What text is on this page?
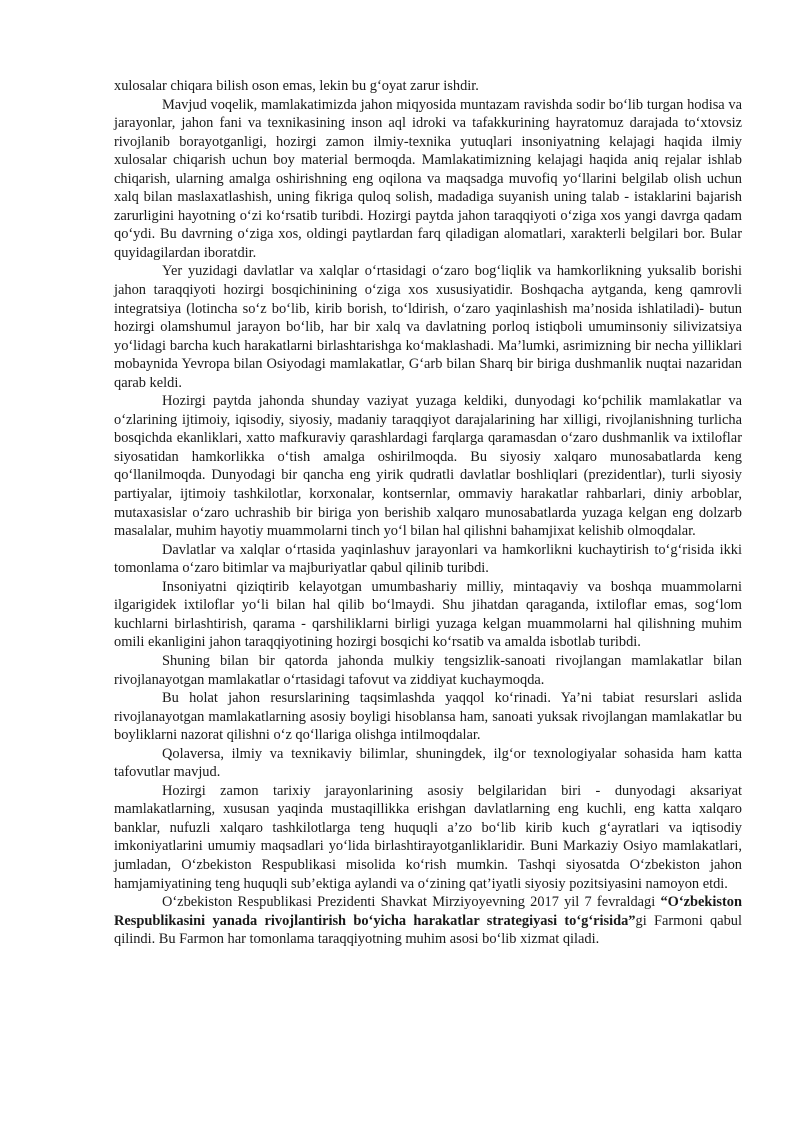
xulosalar chiqara bilish oson emas, lekin bu g‘oyat zarur ishdir.

Mavjud voqelik, mamlakatimizda jahon miqyosida muntazam ravishda sodir bo‘lib turgan hodisa va jarayonlar, jahon fani va texnikasining inson aql idroki va tafakkurining hayratomuz darajada to‘xtovsiz rivojlanib borayotganligi, hozirgi zamon ilmiy-texnika yutuqlari insoniyatning kelajagi haqida ilmiy xulosalar chiqarish uchun boy material bermoqda. Mamlakatimizning kelajagi haqida aniq rejalar ishlab chiqarish, ularning amalga oshirishning eng oqilona va maqsadga muvofiq yo‘llarini belgilab olish uchun xalq bilan maslaxatlashish, uning fikriga quloq solish, madadiga suyanish uning talab - istaklarini bajarish zarurligini hayotning o‘zi ko‘rsatib turibdi. Hozirgi paytda jahon taraqqiyoti o‘ziga xos yangi davrga qadam qo‘ydi. Bu davrning o‘ziga xos, oldingi paytlardan farq qiladigan alomatlari, xarakterli belgilari bor. Bular quyidagilardan iboratdir.

Yer yuzidagi davlatlar va xalqlar o‘rtasidagi o‘zaro bog‘liqlik va hamkorlikning yuksalib borishi jahon taraqqiyoti hozirgi bosqichinining o‘ziga xos xususiyatidir. Boshqacha aytganda, keng qamrovli integratsiya (lotincha so‘z bo‘lib, kirib borish, to‘ldirish, o‘zaro yaqinlashish ma’nosida ishlatiladi)- butun hozirgi olamshumul jarayon bo‘lib, har bir xalq va davlatning porloq istiqboli umuminsoniy silivizatsiya yo‘lidagi barcha kuch harakatlarni birlashtarishga ko‘maklashadi. Ma’lumki, asrimizning bir necha yilliklari mobaynida Yevropa bilan Osiyodagi mamlakatlar, G‘arb bilan Sharq bir biriga dushmanlik nuqtai nazaridan qarab keldi.

Hozirgi paytda jahonda shunday vaziyat yuzaga keldiki, dunyodagi ko‘pchilik mamlakatlar va o‘zlarining ijtimoiy, iqisodiy, siyosiy, madaniy taraqqiyot darajalarining har xilligi, rivojlanishning turlicha bosqichda ekanliklari, xatto mafkuraviy qarashlardagi farqlarga qaramasdan o‘zaro dushmanlik va ixtiloflar siyosatidan hamkorlikka o‘tish amalga oshirilmoqda. Bu siyosiy xalqaro munosabatlarda keng qo‘llanilmoqda. Dunyodagi bir qancha eng yirik qudratli davlatlar boshliqlari (prezidentlar), turli siyosiy partiyalar, ijtimoiy tashkilotlar, korxonalar, kontsernlar, ommaviy harakatlar rahbarlari, diniy arboblar, mutaxasislar o‘zaro uchrashib bir biriga yon berishib xalqaro munosabatlarda yuzaga kelgan eng dolzarb masalalar, muhim hayotiy muammolarni tinch yo‘l bilan hal qilishni bahamjixat kelishib olmoqdalar.

Davlatlar va xalqlar o‘rtasida yaqinlashuv jarayonlari va hamkorlikni kuchaytirish to‘g‘risida ikki tomonlama o‘zaro bitimlar va majburiyatlar qabul qilinib turibdi.

Insoniyatni qiziqtirib kelayotgan umumbashariy milliy, mintaqaviy va boshqa muammolarni ilgarigidek ixtiloflar yo‘li bilan hal qilib bo‘lmaydi. Shu jihatdan qaraganda, ixtiloflar emas, sog‘lom kuchlarni birlashtirish, qarama - qarshiliklarni birligi yuzaga kelgan muammolarni hal qilishning muhim omili ekanligini jahon taraqqiyotining hozirgi bosqichi ko‘rsatib va amalda isbotlab turibdi.

Shuning bilan bir qatorda jahonda mulkiy tengsizlik-sanoati rivojlangan mamlakatlar bilan rivojlanayotgan mamlakatlar o‘rtasidagi tafovut va ziddiyat kuchaymoqda.

Bu holat jahon resurslarining taqsimlashda yaqqol ko‘rinadi. Ya’ni tabiat resurslari aslida rivojlanayotgan mamlakatlarning asosiy boyligi hisoblansa ham, sanoati yuksak rivojlangan mamlakatlar bu boyliklarni nazorat qilishni o‘z qo‘llariga olishga intilmoqdalar.

Qolaversa, ilmiy va texnikaviy bilimlar, shuningdek, ilg‘or texnologiyalar sohasida ham katta tafovutlar mavjud.

Hozirgi zamon tarixiy jarayonlarining asosiy belgilaridan biri - dunyodagi aksariyat mamlakatlarning, xususan yaqinda mustaqillikka erishgan davlatlarning eng kuchli, eng katta xalqaro banklar, nufuzli xalqaro tashkilotlarga teng huquqli a’zo bo‘lib kirib kuch g‘ayratlari va iqtisodiy imkoniyatlarini umumiy maqsadlari yo‘lida birlashtirayotganliklaridir. Buni Markaziy Osiyo mamlakatlari, jumladan, O‘zbekiston Respublikasi misolida ko‘rish mumkin. Tashqi siyosatda O‘zbekiston jahon hamjamiyatining teng huquqli sub’ektiga aylandi va o‘zining qat’iyatli siyosiy pozitsiyasini namoyon etdi.

O‘zbekiston Respublikasi Prezidenti Shavkat Mirziyoyevning 2017 yil 7 fevraldagi “O‘zbekiston Respublikasini yanada rivojlantirish bo‘yicha harakatlar strategiyasi to‘g‘risida”gi Farmoni qabul qilindi. Bu Farmon har tomonlama taraqqiyotning muhim asosi bo‘lib xizmat qiladi.
